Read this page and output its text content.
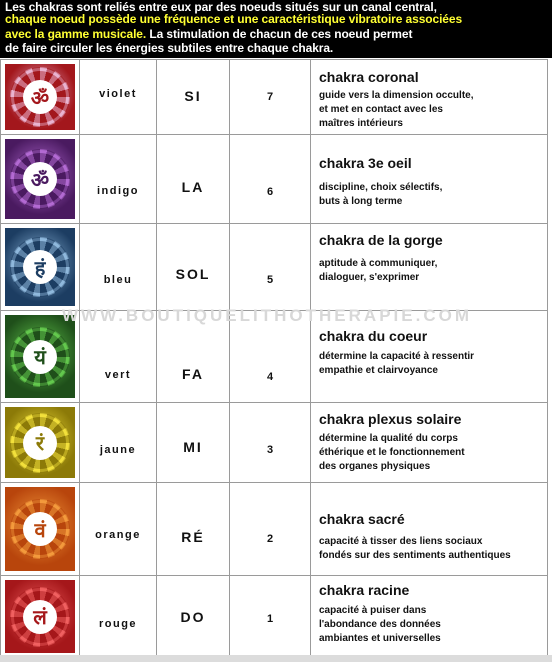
Les chakras sont reliés entre eux par des noeuds situés sur un canal central,
chaque noeud possède une fréquence et une caractéristique vibratoire associées
avec la gamme musicale. La stimulation de chacun de ces noeud permet
de faire circuler les énergies subtiles entre chaque chakra.
ॐ	violet	SI	7	chakra coronal
guide vers la dimension occulte,
et met en contact avec les
maîtres intérieurs

ॐ	indigo	LA	6	chakra 3e oeil
discipline, choix sélectifs,
buts à long terme

हं	bleu	SOL	5	chakra de la gorge
aptitude à communiquer,
dialoguer, s'exprimer

यं	vert	FA	4	chakra du coeur
détermine la capacité à ressentir
empathie et clairvoyance

रं	jaune	MI	3	chakra plexus solaire
détermine la qualité du corps
éthérique et le fonctionnement
des organes physiques

वं	orange	RÉ	2	chakra sacré
capacité à tisser des liens sociaux
fondés sur des sentiments authentiques

लं	rouge	DO	1	chakra racine
capacité à puiser dans
l'abondance des données
ambiantes et universelles
WWW.BOUTIQUELITHOTHERAPIE.COM
